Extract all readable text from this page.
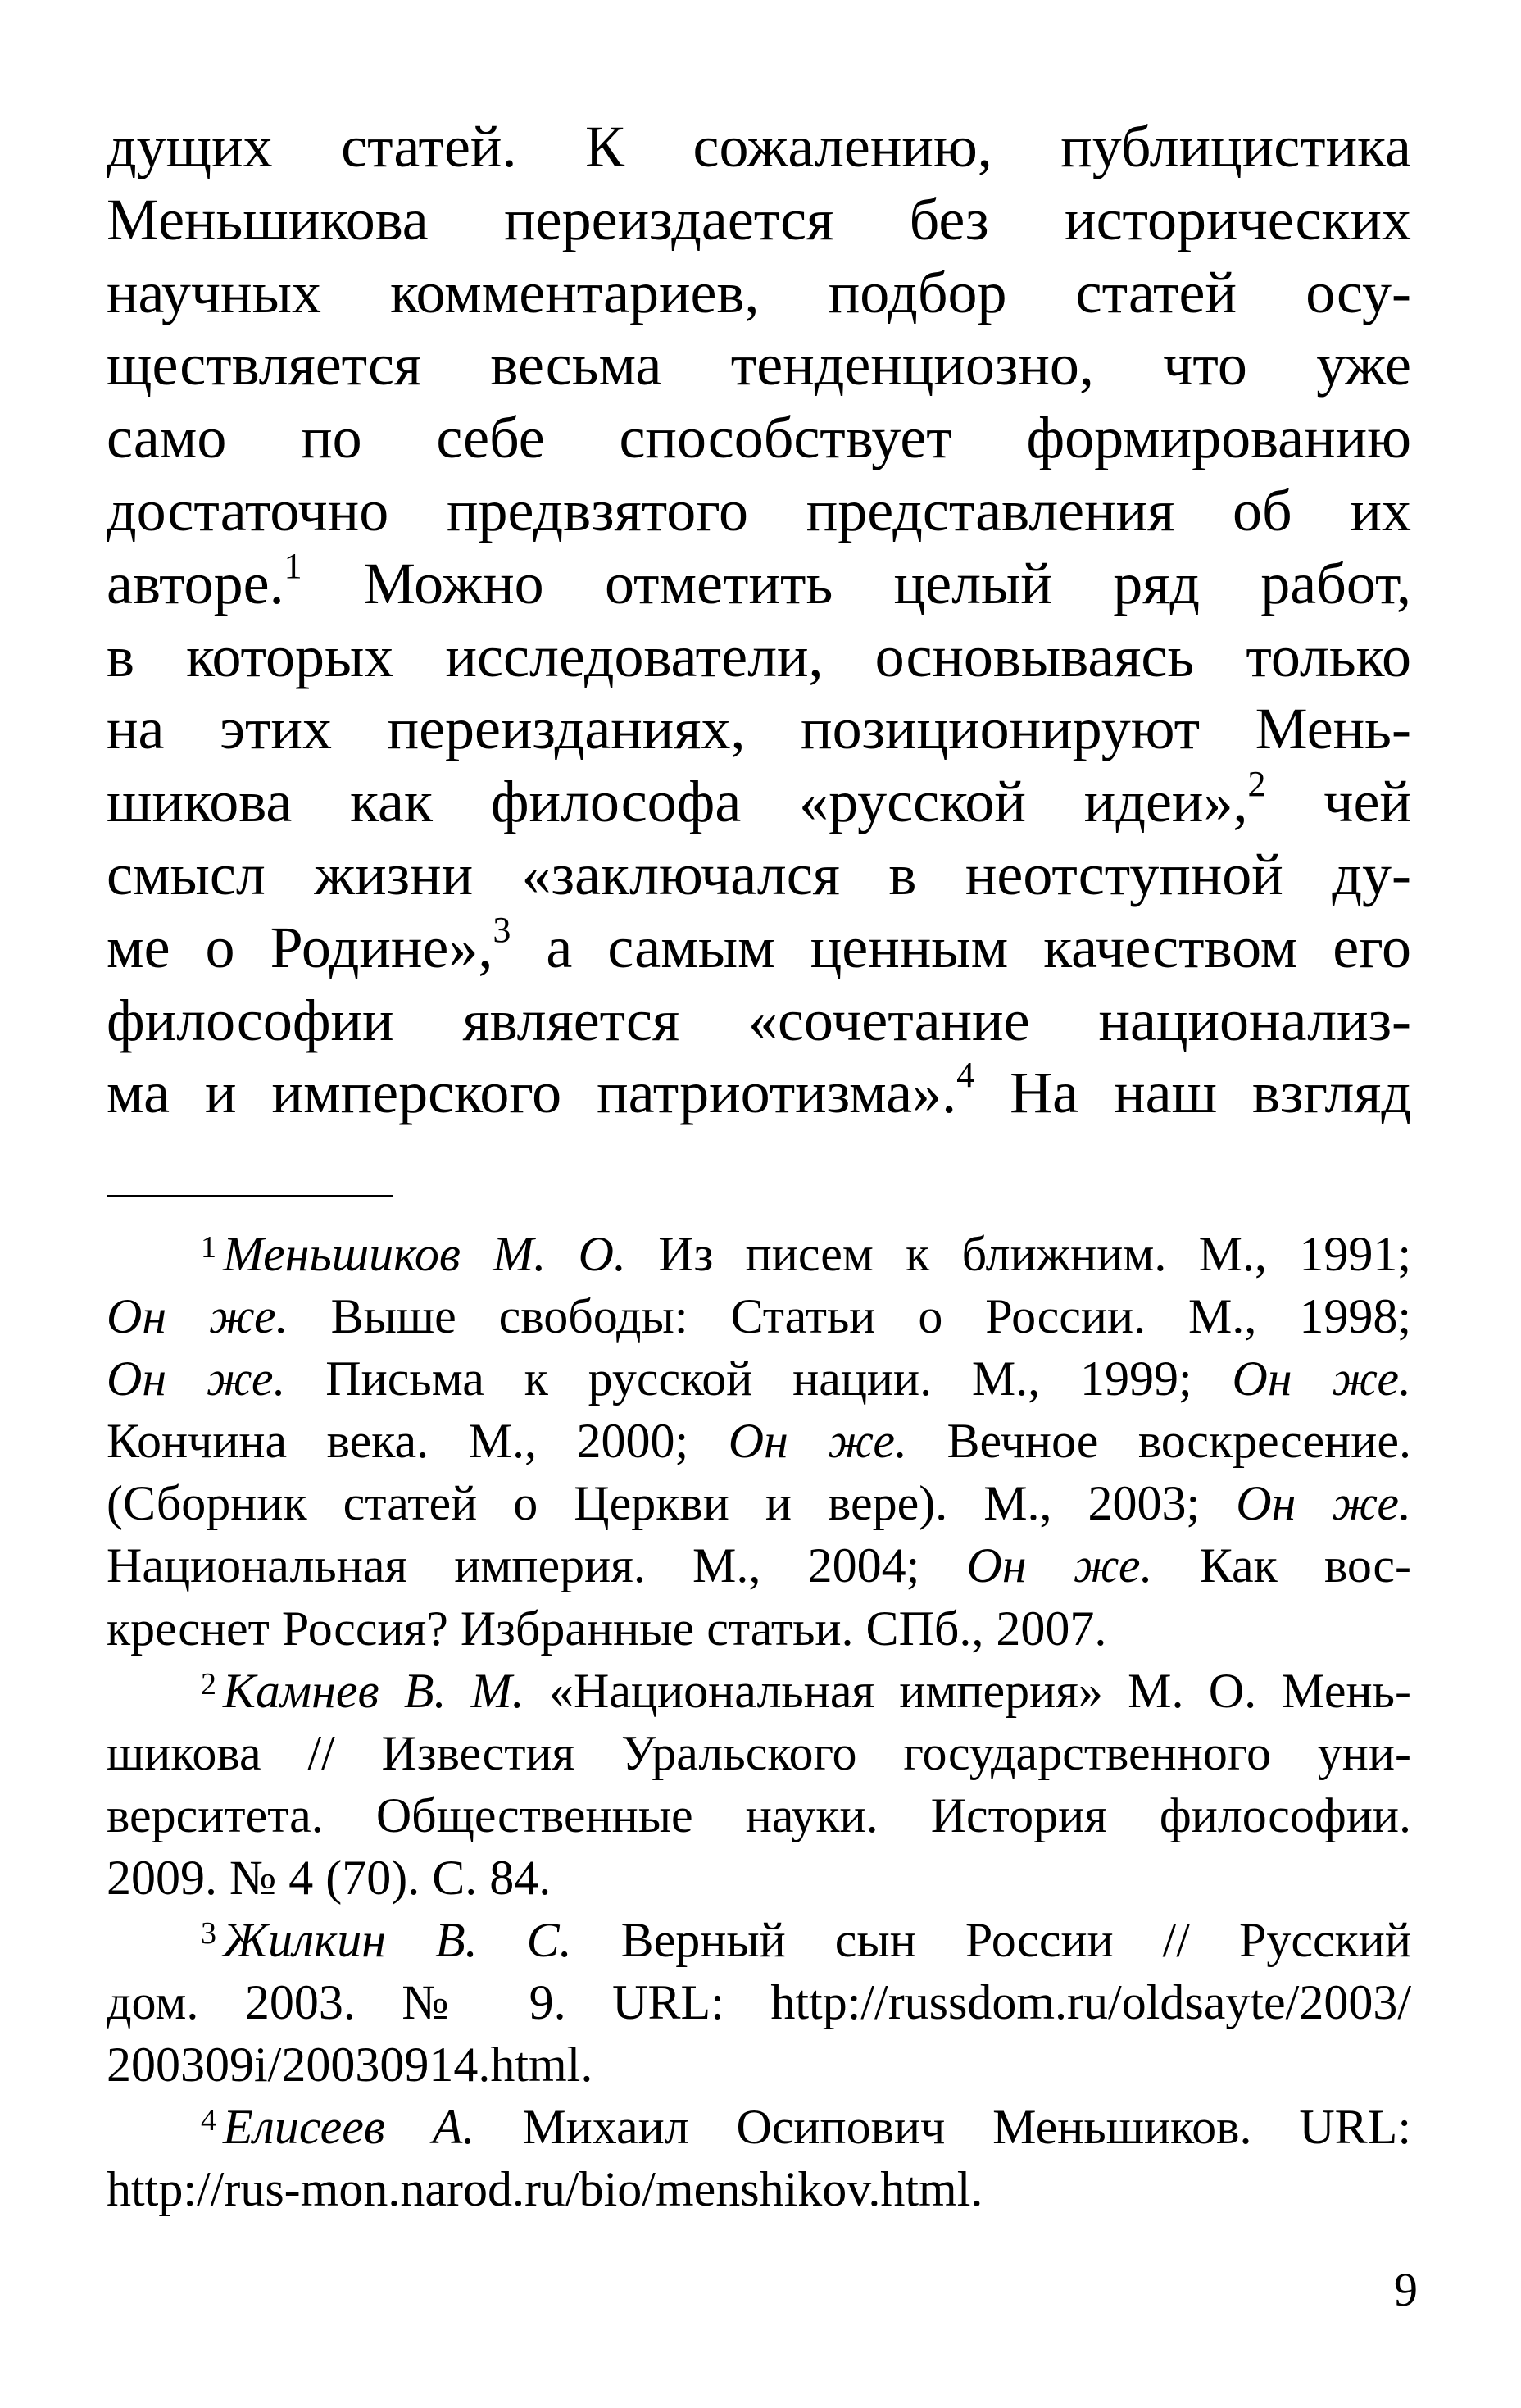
дущих статей. К сожалению, публицистика
Меньшикова переиздается без исторических
научных комментариев, подбор статей осу-
ществляется весьма тенденциозно, что уже
само по себе способствует формированию
достаточно предвзятого представления об их
авторе.$^1$ Можно отметить целый ряд работ,
в которых исследователи, основываясь только
на этих переизданиях, позиционируют Мень-
шикова как философа «русской идеи»,$^2$ чей
смысл жизни «заключался в неотступной ду-
ме о Родине»,$^3$ а самым ценным качеством его
философии является «сочетание национализ-
ма и имперского патриотизма».$^4$ На наш взгляд
$^1$ Меньшиков М. О. Из писем к ближним. М., 1991;
Он же. Выше свободы: Статьи о России. М., 1998;
Он же. Письма к русской нации. М., 1999; Он же.
Кончина века. М., 2000; Он же. Вечное воскресение.
(Сборник статей о Церкви и вере). М., 2003; Он же.
Национальная империя. М., 2004; Он же. Как вос-
креснет Россия? Избранные статьи. СПб., 2007.
$^2$ Камнев В. М. «Национальная империя» М. О. Мень-
шикова // Известия Уральского государственного уни-
верситета. Общественные науки. История философии.
2009. № 4 (70). С. 84.
$^3$ Жилкин В. С. Верный сын России // Русский
дом. 2003. № 9. URL: http://russdom.ru/oldsayte/2003/
200309i/20030914.html.
$^4$ Елисеев А. Михаил Осипович Меньшиков. URL:
http://rus-mon.narod.ru/bio/menshikov.html.
9
